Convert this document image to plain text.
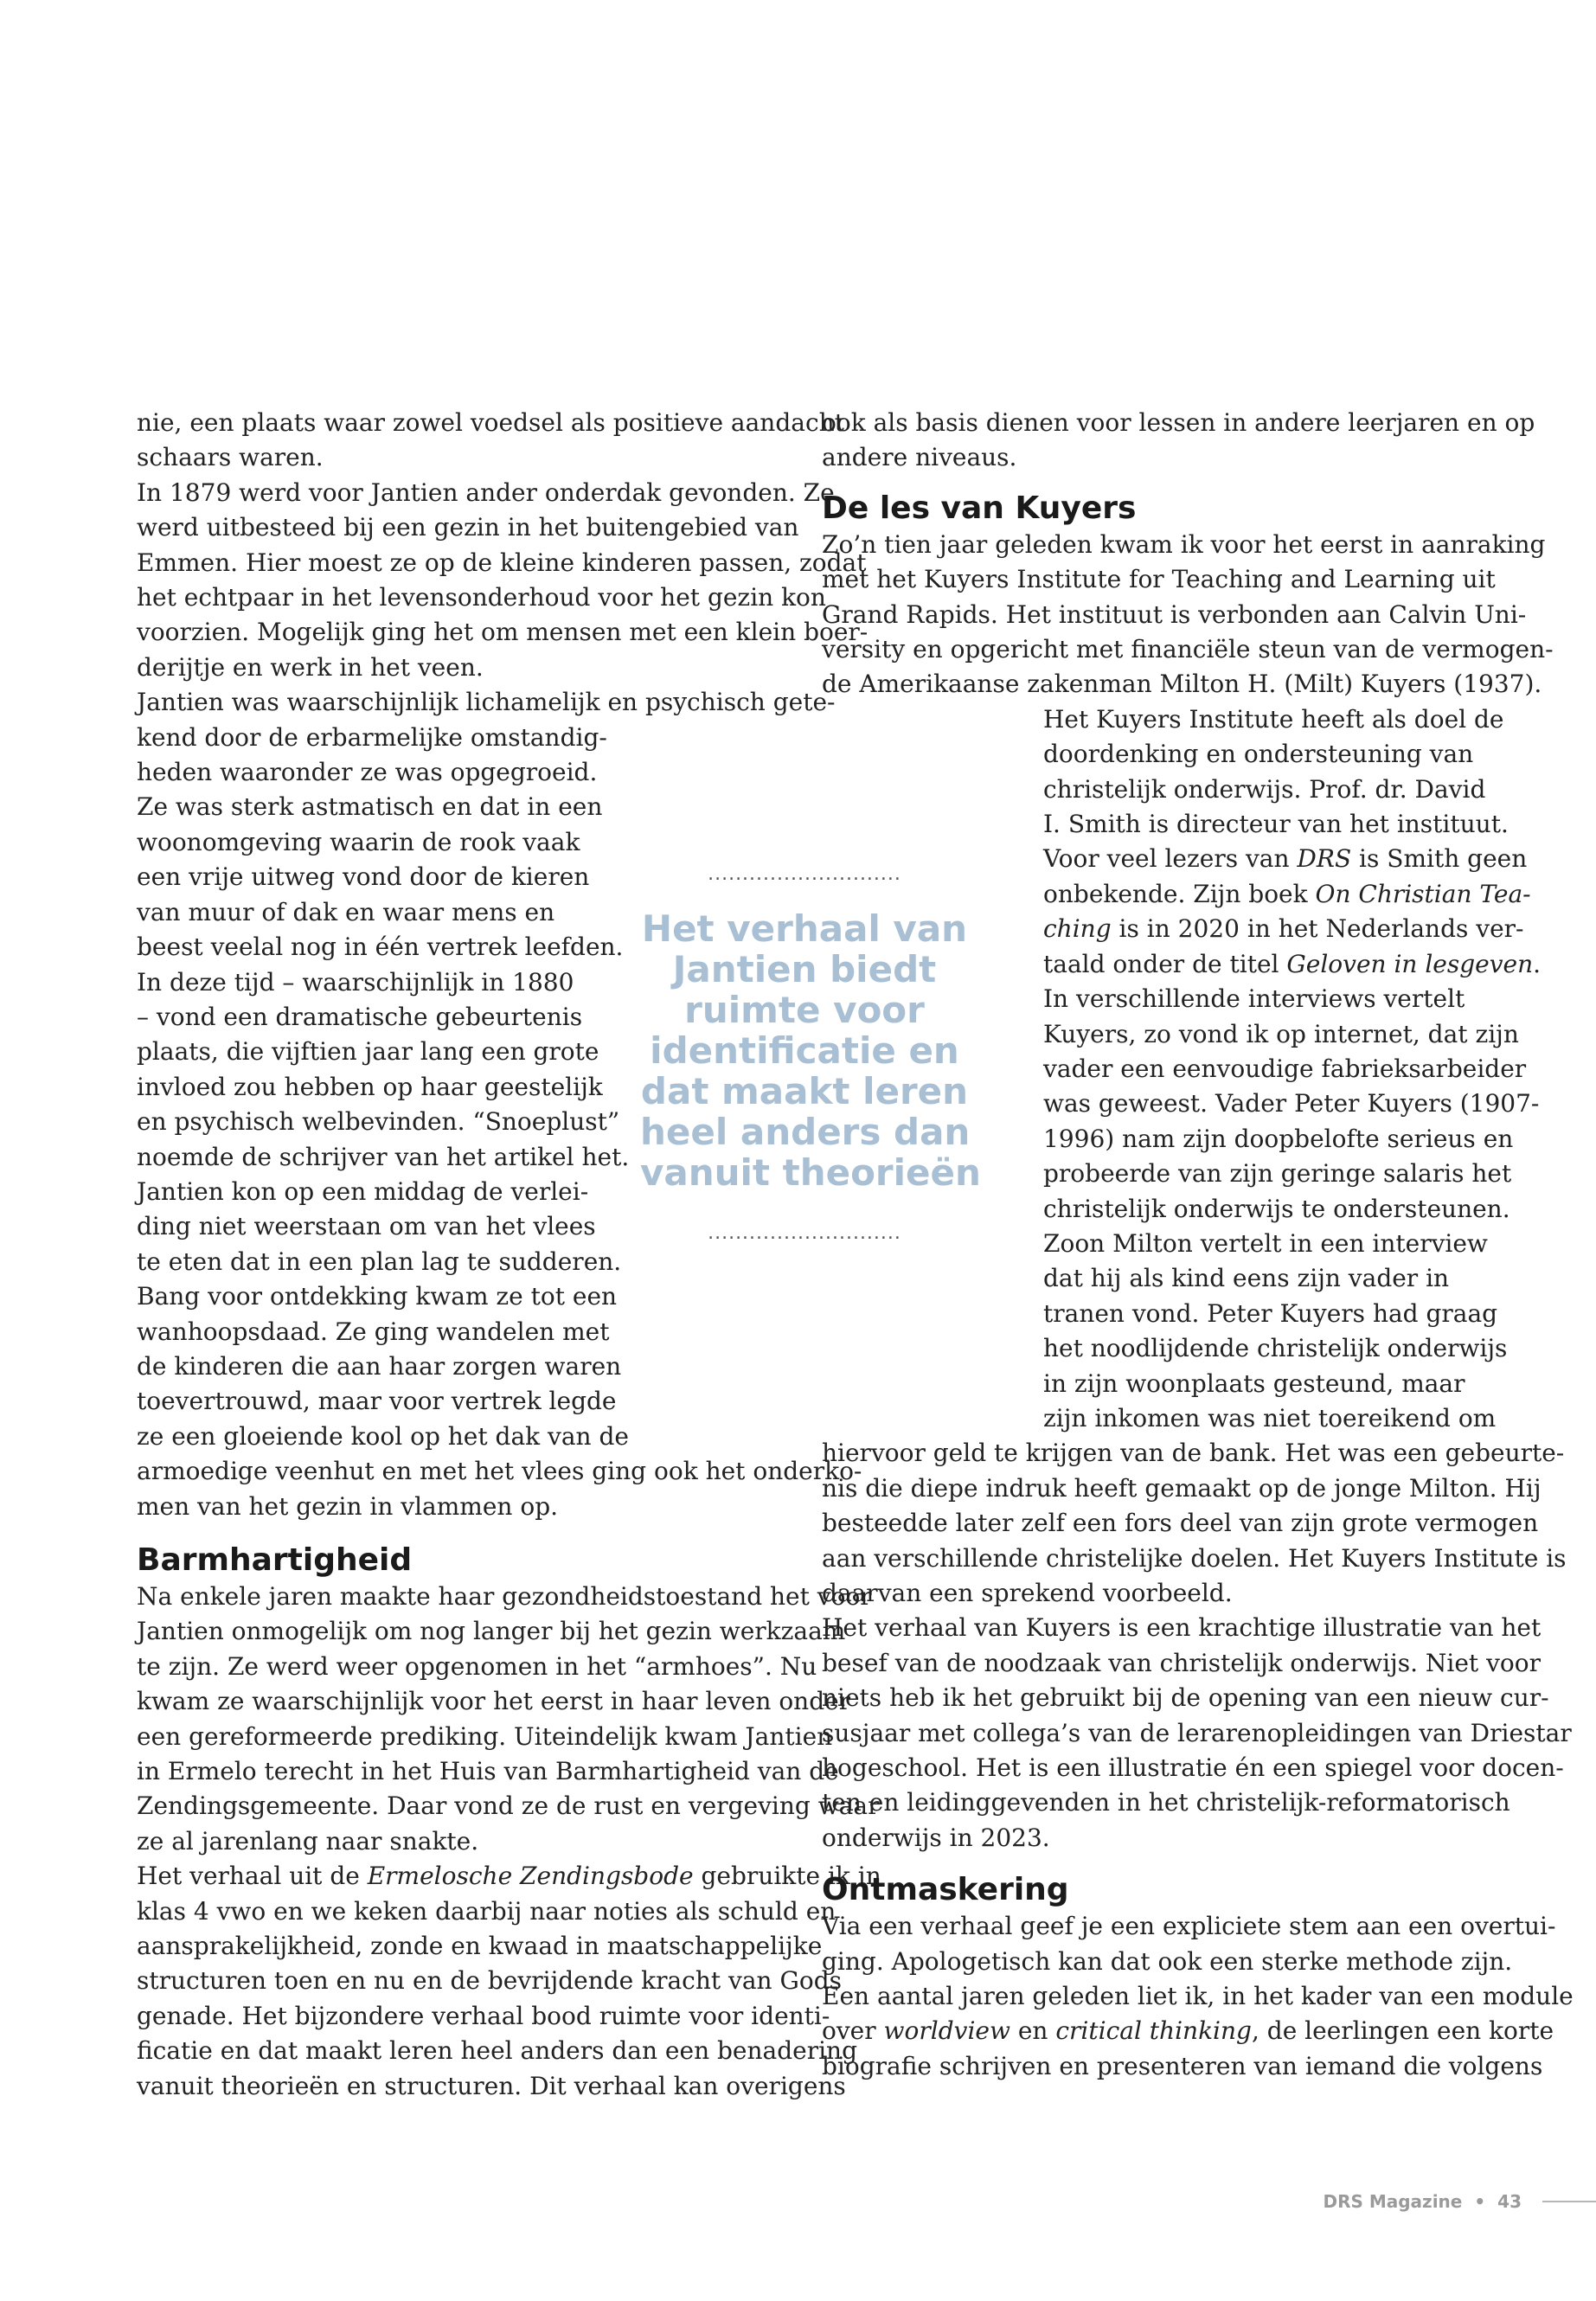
nie, een plaats waar zowel voedsel als positieve aandacht

schaars waren.

In 1879 werd voor Jantien ander onderdak gevonden. Ze

werd uitbesteed bij een gezin in het buitengebied van

Emmen. Hier moest ze op de kleine kinderen passen, zodat

het echtpaar in het levensonderhoud voor het gezin kon

voorzien. Mogelijk ging het om mensen met een klein boer-

derijtje en werk in het veen.

Jantien was waarschijnlijk lichamelijk en psychisch gete-

kend door de erbarmelijke omstandig-

heden waaronder ze was opgegroeid.

Ze was sterk astmatisch en dat in een

woonomgeving waarin de rook vaak

een vrije uitweg vond door de kieren

van muur of dak en waar mens en

beest veelal nog in één vertrek leefden.

In deze tijd – waarschijnlijk in 1880

– vond een dramatische gebeurtenis

plaats, die vijftien jaar lang een grote

invloed zou hebben op haar geestelijk

en psychisch welbevinden. “Snoeplust”

noemde de schrijver van het artikel het.

Jantien kon op een middag de verlei-

ding niet weerstaan om van het vlees

te eten dat in een plan lag te sudderen.

Bang voor ontdekking kwam ze tot een

wanhoopsdaad. Ze ging wandelen met

de kinderen die aan haar zorgen waren

toevertrouwd, maar voor vertrek legde

ze een gloeiende kool op het dak van de

armoedige veenhut en met het vlees ging ook het onderko-

men van het gezin in vlammen op.

Barmhartigheid

Na enkele jaren maakte haar gezondheidstoestand het voor

Jantien onmogelijk om nog langer bij het gezin werkzaam

te zijn. Ze werd weer opgenomen in het “armhoes”. Nu

kwam ze waarschijnlijk voor het eerst in haar leven onder

een gereformeerde prediking. Uiteindelijk kwam Jantien

in Ermelo terecht in het Huis van Barmhartigheid van de

Zendingsgemeente. Daar vond ze de rust en vergeving waar

ze al jarenlang naar snakte.

Het verhaal uit de Ermelosche Zendingsbode gebruikte ik in

klas 4 vwo en we keken daarbij naar noties als schuld en

aansprakelijkheid, zonde en kwaad in maatschappelijke

structuren toen en nu en de bevrijdende kracht van Gods

genade. Het bijzondere verhaal bood ruimte voor identi-

ficatie en dat maakt leren heel anders dan een benadering

vanuit theorieën en structuren. Dit verhaal kan overigens

ook als basis dienen voor lessen in andere leerjaren en op

andere niveaus.

De les van Kuyers

Zo’n tien jaar geleden kwam ik voor het eerst in aanraking

met het Kuyers Institute for Teaching and Learning uit

Grand Rapids. Het instituut is verbonden aan Calvin Uni-

versity en opgericht met financiële steun van de vermogen-

de Amerikaanse zakenman Milton H. (Milt) Kuyers (1937).

Het Kuyers Institute heeft als doel de

doordenking en ondersteuning van

christelijk onderwijs. Prof. dr. David

I. Smith is directeur van het instituut.

Voor veel lezers van DRS is Smith geen

onbekende. Zijn boek On Christian Tea-

ching is in 2020 in het Nederlands ver-

taald onder de titel Geloven in lesgeven.

In verschillende interviews vertelt

Kuyers, zo vond ik op internet, dat zijn

vader een eenvoudige fabrieksarbeider

was geweest. Vader Peter Kuyers (1907-

1996) nam zijn doopbelofte serieus en

probeerde van zijn geringe salaris het

christelijk onderwijs te ondersteunen.

Zoon Milton vertelt in een interview

dat hij als kind eens zijn vader in

tranen vond. Peter Kuyers had graag

het noodlijdende christelijk onderwijs

in zijn woonplaats gesteund, maar

zijn inkomen was niet toereikend om

hiervoor geld te krijgen van de bank. Het was een gebeurte-

nis die diepe indruk heeft gemaakt op de jonge Milton. Hij

besteedde later zelf een fors deel van zijn grote vermogen

aan verschillende christelijke doelen. Het Kuyers Institute is

daarvan een sprekend voorbeeld.

Het verhaal van Kuyers is een krachtige illustratie van het

besef van de noodzaak van christelijk onderwijs. Niet voor

niets heb ik het gebruikt bij de opening van een nieuw cur-

susjaar met collega’s van de lerarenopleidingen van Driestar

hogeschool. Het is een illustratie én een spiegel voor docen-

ten en leidinggevenden in het christelijk-reformatorisch

onderwijs in 2023.

Ontmaskering

Via een verhaal geef je een expliciete stem aan een overtui-

ging. Apologetisch kan dat ook een sterke methode zijn.

Een aantal jaren geleden liet ik, in het kader van een module

over worldview en critical thinking, de leerlingen een korte

biografie schrijven en presenteren van iemand die volgens

............................
Het verhaal van
Jantien biedt
ruimte voor
identificatie en
dat maakt leren
heel anders dan
vanuit theorieën
............................
DRS Magazine • 43
